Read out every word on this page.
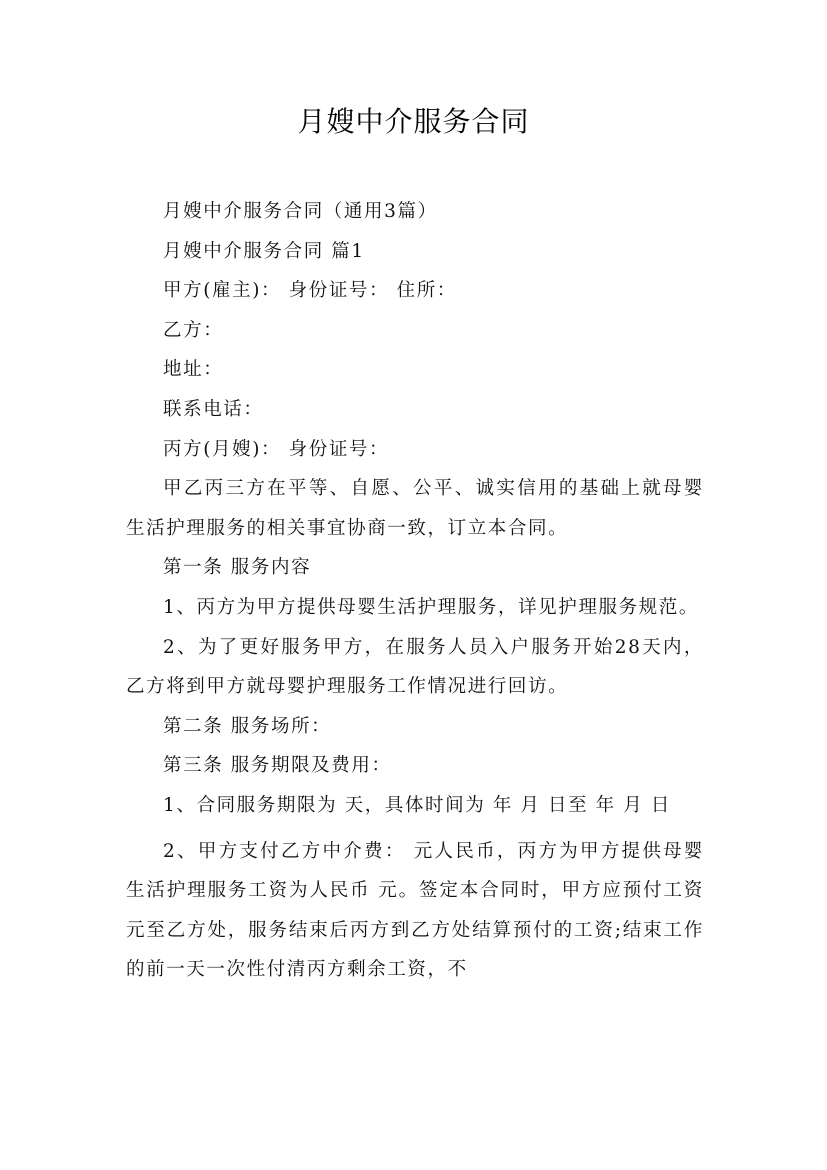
月嫂中介服务合同

月嫂中介服务合同（通用3篇）

月嫂中介服务合同 篇1

甲方(雇主)： 身份证号： 住所：

乙方：

地址：

联系电话：

丙方(月嫂)： 身份证号：

甲乙丙三方在平等、自愿、公平、诚实信用的基础上就母婴生活护理服务的相关事宜协商一致，订立本合同。

第一条 服务内容

1、丙方为甲方提供母婴生活护理服务，详见护理服务规范。

2、为了更好服务甲方，在服务人员入户服务开始28天内，乙方将到甲方就母婴护理服务工作情况进行回访。

第二条 服务场所：

第三条 服务期限及费用：

1、合同服务期限为 天，具体时间为 年 月 日至 年 月 日

2、甲方支付乙方中介费： 元人民币，丙方为甲方提供母婴生活护理服务工资为人民币 元。签定本合同时，甲方应预付工资 元至乙方处，服务结束后丙方到乙方处结算预付的工资;结束工作的前一天一次性付清丙方剩余工资，不
